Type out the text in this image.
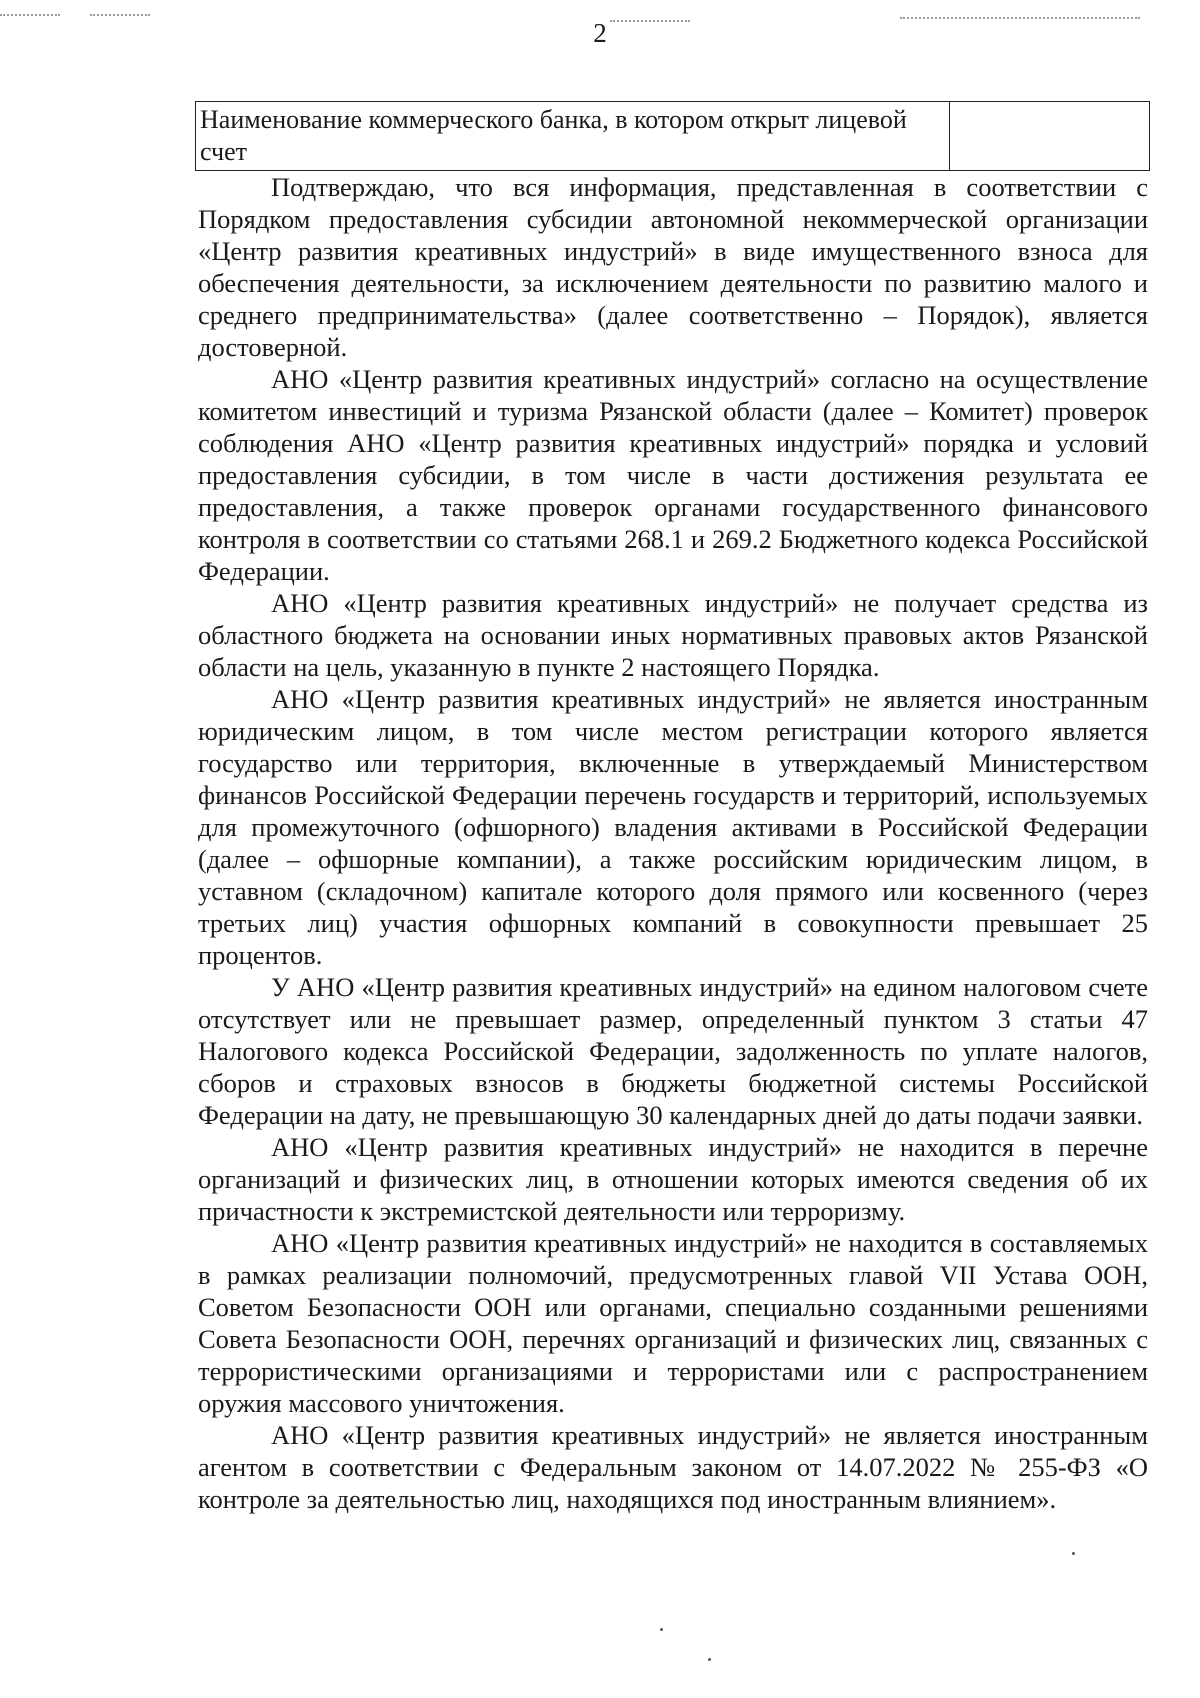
2
Наименование коммерческого банка, в котором открыт лицевой счет	

Подтверждаю, что вся информация, представленная в соответствии с Порядком предоставления субсидии автономной некоммерческой организации «Центр развития креативных индустрий» в виде имущественного взноса для обеспечения деятельности, за исключением деятельности по развитию малого и среднего предпринимательства» (далее соответственно – Порядок), является достоверной.

АНО «Центр развития креативных индустрий» согласно на осуществление комитетом инвестиций и туризма Рязанской области (далее – Комитет) проверок соблюдения АНО «Центр развития креативных индустрий» порядка и условий предоставления субсидии, в том числе в части достижения результата ее предоставления, а также проверок органами государственного финансового контроля в соответствии со статьями 268.1 и 269.2 Бюджетного кодекса Российской Федерации.

АНО «Центр развития креативных индустрий» не получает средства из областного бюджета на основании иных нормативных правовых актов Рязанской области на цель, указанную в пункте 2 настоящего Порядка.

АНО «Центр развития креативных индустрий» не является иностранным юридическим лицом, в том числе местом регистрации которого является государство или территория, включенные в утверждаемый Министерством финансов Российской Федерации перечень государств и территорий, используемых для промежуточного (офшорного) владения активами в Российской Федерации (далее – офшорные компании), а также российским юридическим лицом, в уставном (складочном) капитале которого доля прямого или косвенного (через третьих лиц) участия офшорных компаний в совокупности превышает 25 процентов.

У АНО «Центр развития креативных индустрий» на едином налоговом счете отсутствует или не превышает размер, определенный пунктом 3 статьи 47 Налогового кодекса Российской Федерации, задолженность по уплате налогов, сборов и страховых взносов в бюджеты бюджетной системы Российской Федерации на дату, не превышающую 30 календарных дней до даты подачи заявки.

АНО «Центр развития креативных индустрий» не находится в перечне организаций и физических лиц, в отношении которых имеются сведения об их причастности к экстремистской деятельности или терроризму.

АНО «Центр развития креативных индустрий» не находится в составляемых в рамках реализации полномочий, предусмотренных главой VII Устава ООН, Советом Безопасности ООН или органами, специально созданными решениями Совета Безопасности ООН, перечнях организаций и физических лиц, связанных с террористическими организациями и террористами или с распространением оружия массового уничтожения.

АНО «Центр развития креативных индустрий» не является иностранным агентом в соответствии с Федеральным законом от 14.07.2022 № 255-ФЗ «О контроле за деятельностью лиц, находящихся под иностранным влиянием».
